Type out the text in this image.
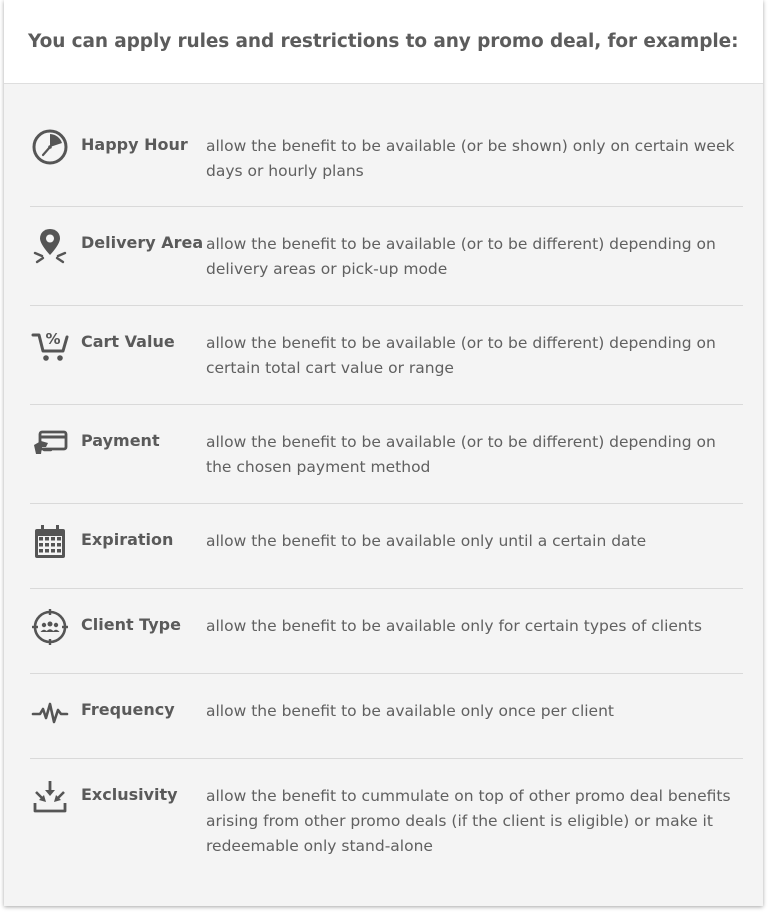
You can apply rules and restrictions to any promo deal, for example:
Happy Hour allow the benefit to be available (or be shown) only on certain week days or hourly plans
Delivery Area allow the benefit to be available (or to be different) depending on delivery areas or pick-up mode
% Cart Value allow the benefit to be available (or to be different) depending on certain total cart value or range
Payment	allow the benefit to be available (or to be different) depending on the chosen payment method
Expiration allow the benefit to be available only until a certain date
Client Type allow the benefit to be available only for certain types of clients
Frequency allow the benefit to be available only once per client
Exclusivity allow the benefit to cummulate on top of other promo deal benefits arising from other promo deals (if the client is eligible) or make it redeemable only stand-alone
